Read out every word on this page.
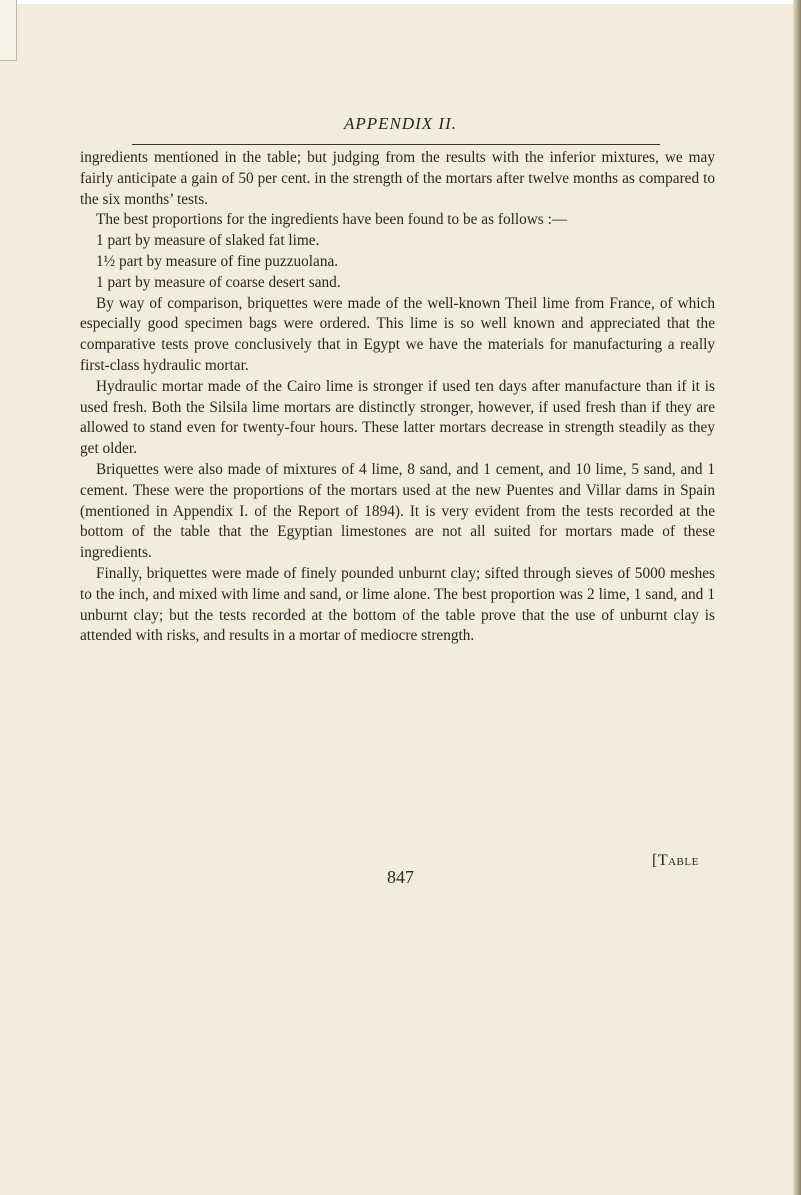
APPENDIX II.

ingredients mentioned in the table; but judging from the results with the inferior mixtures, we may fairly anticipate a gain of 50 per cent. in the strength of the mortars after twelve months as compared to the six months’ tests.

The best proportions for the ingredients have been found to be as follows :—

1 part by measure of slaked fat lime.

1½ part by measure of fine puzzuolana.

1 part by measure of coarse desert sand.

By way of comparison, briquettes were made of the well-known Theil lime from France, of which especially good specimen bags were ordered. This lime is so well known and appreciated that the comparative tests prove conclusively that in Egypt we have the materials for manufacturing a really first-class hydraulic mortar.

Hydraulic mortar made of the Cairo lime is stronger if used ten days after manufacture than if it is used fresh. Both the Silsila lime mortars are distinctly stronger, however, if used fresh than if they are allowed to stand even for twenty-four hours. These latter mortars decrease in strength steadily as they get older.

Briquettes were also made of mixtures of 4 lime, 8 sand, and 1 cement, and 10 lime, 5 sand, and 1 cement. These were the proportions of the mortars used at the new Puentes and Villar dams in Spain (mentioned in Appendix I. of the Report of 1894). It is very evident from the tests recorded at the bottom of the table that the Egyptian limestones are not all suited for mortars made of these ingredients.

Finally, briquettes were made of finely pounded unburnt clay; sifted through sieves of 5000 meshes to the inch, and mixed with lime and sand, or lime alone. The best proportion was 2 lime, 1 sand, and 1 unburnt clay; but the tests recorded at the bottom of the table prove that the use of unburnt clay is attended with risks, and results in a mortar of mediocre strength.

[Table
847
